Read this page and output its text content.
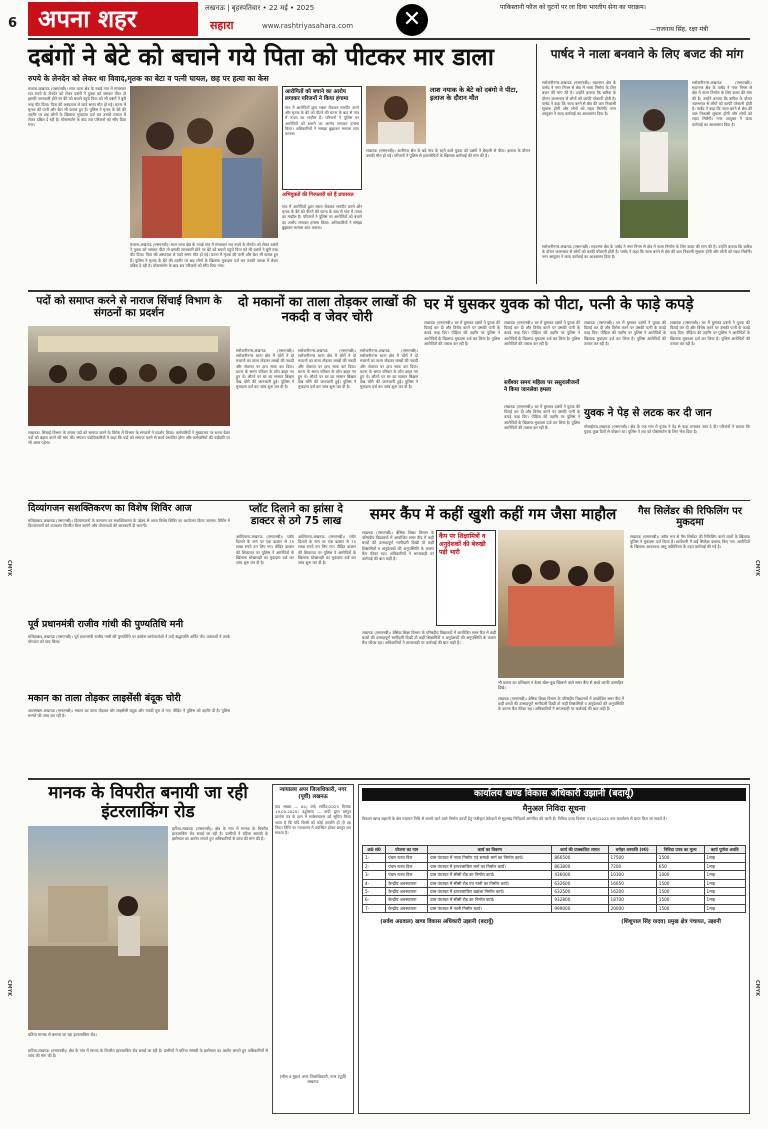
6 अपना शहर	लखनऊ | बृहस्पतिवार • 22 मई • 2025
सहारा	www.rashtriyasahara.com	✕	पाकिस्तानी फौज को घुटनों पर ला दिया भारतीय सेना का पराक्रम।
—राजनाथ सिंह, रक्षा मंत्री
दबंगों ने बेटे को बचाने गये पिता को पीटकर मार डाला
रुपये के लेनदेन को लेकर था विवाद,मृतक का बेटा व पत्नी घायल, छह पर हत्या का केस
मलाना-लखनऊ (एसएनबी)। माल थाना क्षेत्र के नवाई गांव में मंगलवार रात रुपये के लेनदेन को लेकर दबंगों ने युवक को जमकर पीटा तो इसकी जानकारी होने पर बेटे को बचाने पहुंचे पिता को भी दबंगों ने बुरी तरह पीट दिया। पिता की अस्पताल ले जाते समय मौत हो गई। घटना में मृतक की पत्नी और बेटा भी घायल हुए हैं। पुलिस ने मृतक के बेटे की तहरीर पर छह लोगों के खिलाफ मुकदमा दर्ज कर उनकी तलाश में लेकर दबिश दे रही है। पोस्टमार्टम के बाद शव परिजनों को सौंप दिया गया।
आरोपितों को बचाने का आरोप लगाकर परिजनों ने किया हंगामा
गांव में आरोपितों द्वारा रास्ता रोककर मारपीट करने और मृतक के बेटे को पीटने की घटना के बाद से गांव में तनाव का माहौल है। परिजनों ने पुलिस पर आरोपितों को बचाने का आरोप लगाकर हंगामा किया। अधिकारियों ने समझा बुझाकर मामला शांत कराया।
अभियुक्तों की गिरफ्तारी को हैं प्रयासरत
गांव में आरोपितों द्वारा रास्ता रोककर मारपीट करने और मृतक के बेटे को पीटने की घटना के बाद से गांव में तनाव का माहौल है। परिजनों ने पुलिस पर आरोपितों को बचाने का आरोप लगाकर हंगामा किया। अधिकारियों ने समझा बुझाकर मामला शांत कराया।
मलाना-लखनऊ (एसएनबी)। माल थाना क्षेत्र के नवाई गांव में मंगलवार रात रुपये के लेनदेन को लेकर दबंगों ने युवक को जमकर पीटा तो इसकी जानकारी होने पर बेटे को बचाने पहुंचे पिता को भी दबंगों ने बुरी तरह पीट दिया। पिता की अस्पताल ले जाते समय मौत हो गई। घटना में मृतक की पत्नी और बेटा भी घायल हुए हैं। पुलिस ने मृतक के बेटे की तहरीर पर छह लोगों के खिलाफ मुकदमा दर्ज कर उनकी तलाश में लेकर दबिश दे रही है। पोस्टमार्टम के बाद शव परिजनों को सौंप दिया गया।
लाश नयाक के बेटे को दबंगो ने पीटा, इलाज के दौरान मौत
लखनऊ (एसएनबी)। अलीगंज क्षेत्र के बड़े गांव के रहने वाले युवक को दबंगों ने बेरहमी से पीटा। इलाज के दौरान उसकी मौत हो गई। परिजनों ने पुलिस से हत्यारोपितों के खिलाफ कार्रवाई की मांग की है।
पार्षद ने नाला बनवाने के लिए बजट की मांग
सरोजनीनगर-लखनऊ (एसएनबी)। महानगर क्षेत्र के पार्षद ने नगर निगम से क्षेत्र में नाला निर्माण के लिए बजट की मांग की है। उन्होंने बताया कि बारिश के दौरान जलभराव से लोगों को काफी परेशानी होती है। पार्षद ने कहा कि नाला बनने से क्षेत्र की जल निकासी सुचारू होगी और लोगों को राहत मिलेगी। नगर आयुक्त ने जल्द कार्रवाई का आश्वासन दिया है।
सरोजनीनगर-लखनऊ (एसएनबी)। महानगर क्षेत्र के पार्षद ने नगर निगम से क्षेत्र में नाला निर्माण के लिए बजट की मांग की है। उन्होंने बताया कि बारिश के दौरान जलभराव से लोगों को काफी परेशानी होती है। पार्षद ने कहा कि नाला बनने से क्षेत्र की जल निकासी सुचारू होगी और लोगों को राहत मिलेगी। नगर आयुक्त ने जल्द कार्रवाई का आश्वासन दिया है।
सरोजनीनगर-लखनऊ (एसएनबी)। महानगर क्षेत्र के पार्षद ने नगर निगम से क्षेत्र में नाला निर्माण के लिए बजट की मांग की है। उन्होंने बताया कि बारिश के दौरान जलभराव से लोगों को काफी परेशानी होती है। पार्षद ने कहा कि नाला बनने से क्षेत्र की जल निकासी सुचारू होगी और लोगों को राहत मिलेगी। नगर आयुक्त ने जल्द कार्रवाई का आश्वासन दिया है।
पदों को समाप्त करने से नाराज सिंचाई विभाग के संगठनों का प्रदर्शन
लखनऊ। सिंचाई विभाग के तमाम पदों को समाप्त करने के विरोध में विभाग के संगठनों ने प्रदर्शन किया। कर्मचारियों ने मुख्यालय पर धरना देकर पदों को बहाल करने की मांग की। संगठन पदाधिकारियों ने कहा कि पदों को समाप्त करने से कार्य प्रभावित होगा और कर्मचारियों की पदोन्नति पर भी असर पड़ेगा।
दो मकानों का ताला तोड़कर लाखों की नकदी व जेवर चोरी
सरोजनीनगर-लखनऊ (एसएनबी)। सरोजनीनगर थाना क्षेत्र में चोरों ने दो मकानों का ताला तोड़कर लाखों की नकदी और जेवरात पर हाथ साफ कर दिया। घटना के समय परिवार के लोग बाहर गए हुए थे। लौटने पर घर का सामान बिखरा देख चोरी की जानकारी हुई। पुलिस ने मुकदमा दर्ज कर जांच शुरू कर दी है।
सरोजनीनगर-लखनऊ (एसएनबी)। सरोजनीनगर थाना क्षेत्र में चोरों ने दो मकानों का ताला तोड़कर लाखों की नकदी और जेवरात पर हाथ साफ कर दिया। घटना के समय परिवार के लोग बाहर गए हुए थे। लौटने पर घर का सामान बिखरा देख चोरी की जानकारी हुई। पुलिस ने मुकदमा दर्ज कर जांच शुरू कर दी है।
सरोजनीनगर-लखनऊ (एसएनबी)। सरोजनीनगर थाना क्षेत्र में चोरों ने दो मकानों का ताला तोड़कर लाखों की नकदी और जेवरात पर हाथ साफ कर दिया। घटना के समय परिवार के लोग बाहर गए हुए थे। लौटने पर घर का सामान बिखरा देख चोरी की जानकारी हुई। पुलिस ने मुकदमा दर्ज कर जांच शुरू कर दी है।
घर में घुसकर युवक को पीटा, पत्नी के फाड़े कपड़े
लखनऊ (एसएनबी)। घर में घुसकर दबंगों ने युवक की पिटाई कर दी और विरोध करने पर उसकी पत्नी के कपड़े फाड़ दिए। पीड़िता की तहरीर पर पुलिस ने आरोपितों के खिलाफ मुकदमा दर्ज कर लिया है। पुलिस आरोपितों की तलाश कर रही है।
लखनऊ (एसएनबी)। घर में घुसकर दबंगों ने युवक की पिटाई कर दी और विरोध करने पर उसकी पत्नी के कपड़े फाड़ दिए। पीड़िता की तहरीर पर पुलिस ने आरोपितों के खिलाफ मुकदमा दर्ज कर लिया है। पुलिस आरोपितों की तलाश कर रही है।
सर्वेश्वर समय महिला पर ससुरालीजनों ने किया जानलेवा हमला
लखनऊ (एसएनबी)। घर में घुसकर दबंगों ने युवक की पिटाई कर दी और विरोध करने पर उसकी पत्नी के कपड़े फाड़ दिए। पीड़िता की तहरीर पर पुलिस ने आरोपितों के खिलाफ मुकदमा दर्ज कर लिया है। पुलिस आरोपितों की तलाश कर रही है।
लखनऊ (एसएनबी)। घर में घुसकर दबंगों ने युवक की पिटाई कर दी और विरोध करने पर उसकी पत्नी के कपड़े फाड़ दिए। पीड़िता की तहरीर पर पुलिस ने आरोपितों के खिलाफ मुकदमा दर्ज कर लिया है। पुलिस आरोपितों की तलाश कर रही है।
लखनऊ (एसएनबी)। घर में घुसकर दबंगों ने युवक की पिटाई कर दी और विरोध करने पर उसकी पत्नी के कपड़े फाड़ दिए। पीड़िता की तहरीर पर पुलिस ने आरोपितों के खिलाफ मुकदमा दर्ज कर लिया है। पुलिस आरोपितों की तलाश कर रही है।
युवक ने पेड़ से लटक कर दी जान
गोसाईगंज-लखनऊ (एसएनबी)। क्षेत्र के एक गांव में युवक ने पेड़ से फंदा लगाकर जान दे दी। परिजनों ने बताया कि युवक कुछ दिनों से परेशान था। पुलिस ने शव को पोस्टमार्टम के लिए भेज दिया है।
दिव्यांगजन सशक्तिकरण का विशेष शिविर आज
मलिहाबाद-लखनऊ (एसएनबी)। दिव्यांगजनों के कल्याण एवं सशक्तिकरण के उद्देश्य से आज विशेष शिविर का आयोजन किया जाएगा। शिविर में दिव्यांगजनों को उपकरण वितरित किए जाएंगे और योजनाओं की जानकारी दी जाएगी।
पूर्व प्रधानमंत्री राजीव गांधी की पुण्यतिथि मनी
मलिहाबाद-लखनऊ (एसएनबी)। पूर्व प्रधानमंत्री राजीव गांधी की पुण्यतिथि पर कांग्रेस कार्यकर्ताओं ने उन्हें श्रद्धांजलि अर्पित की। वक्ताओं ने उनके योगदान को याद किया।
मकान का ताला तोड़कर लाइसेंसी बंदूक चोरी
आलमबाग-लखनऊ (एसएनबी)। मकान का ताला तोड़कर चोर लाइसेंसी बंदूक और नकदी चुरा ले गए। पीड़ित ने पुलिस को तहरीर दी है। पुलिस मामले की जांच कर रही है।
प्लॉट दिलाने का झांसा दे डाक्टर से ठगे 75 लाख
आशियाना-लखनऊ (एसएनबी)। प्लॉट दिलाने के नाम पर एक डाक्टर से 75 लाख रुपये ठग लिए गए। पीड़ित डाक्टर की शिकायत पर पुलिस ने आरोपितों के खिलाफ धोखाधड़ी का मुकदमा दर्ज कर जांच शुरू कर दी है।
आशियाना-लखनऊ (एसएनबी)। प्लॉट दिलाने के नाम पर एक डाक्टर से 75 लाख रुपये ठग लिए गए। पीड़ित डाक्टर की शिकायत पर पुलिस ने आरोपितों के खिलाफ धोखाधड़ी का मुकदमा दर्ज कर जांच शुरू कर दी है।
समर कैंप में कहीं खुशी कहीं गम जैसा माहौल
लखनऊ (एसएनबी)। बेसिक शिक्षा विभाग के परिषदीय विद्यालयों में आयोजित समर कैंप में कहीं बच्चों की उत्साहपूर्ण भागीदारी दिखी तो कहीं शिक्षामित्रों व अनुदेशकों की अनुपस्थिति के कारण कैंप फीका रहा। अधिकारियों ने लापरवाही पर कार्रवाई की बात कही है।
कैंप पर शिक्षामित्रों व अनुदेशकों की बेरुखी पड़ी भारी
लखनऊ (एसएनबी)। बेसिक शिक्षा विभाग के परिषदीय विद्यालयों में आयोजित समर कैंप में कहीं बच्चों की उत्साहपूर्ण भागीदारी दिखी तो कहीं शिक्षामित्रों व अनुदेशकों की अनुपस्थिति के कारण कैंप फीका रहा। अधिकारियों ने लापरवाही पर कार्रवाई की बात कही है।
भी प्रकार का प्रशिक्षण न देकर खेल-कूद खिलाने वाले समर कैंप से बच्चे काफी उत्साहित दिखे।
लखनऊ (एसएनबी)। बेसिक शिक्षा विभाग के परिषदीय विद्यालयों में आयोजित समर कैंप में कहीं बच्चों की उत्साहपूर्ण भागीदारी दिखी तो कहीं शिक्षामित्रों व अनुदेशकों की अनुपस्थिति के कारण कैंप फीका रहा। अधिकारियों ने लापरवाही पर कार्रवाई की बात कही है।
गैस सिलेंडर की रिफिलिंग पर मुकदमा
लखनऊ (एसएनबी)। अवैध रूप से गैस सिलेंडर की रिफिलिंग करने वालों के खिलाफ पुलिस ने मुकदमा दर्ज किया है। छापेमारी में कई सिलेंडर बरामद किए गए। आरोपितों के खिलाफ आवश्यक वस्तु अधिनियम के तहत कार्रवाई की गई है।
मानक के विपरीत बनायी जा रही इंटरलाकिंग रोड
इटौंजा-लखनऊ (एसएनबी)। क्षेत्र के गांव में मानक के विपरीत इंटरलाकिंग रोड बनाई जा रही है। ग्रामीणों ने घटिया सामग्री के इस्तेमाल का आरोप लगाते हुए अधिकारियों से जांच की मांग की है।
घटिया मानक से बनाया जा रहा इंटरलाकिंग रोड।
इटौंजा-लखनऊ (एसएनबी)। क्षेत्र के गांव में मानक के विपरीत इंटरलाकिंग रोड बनाई जा रही है। ग्रामीणों ने घटिया सामग्री के इस्तेमाल का आरोप लगाते हुए अधिकारियों से जांच की मांग की है।
न्यायालय अपर जिलाधिकारी, नगर (पूर्वी) लखनऊ
वाद संख्या — 61/ वर्ष/ सर्किट/2025 दिनांक 19.05.2025। उद्घोषणा — वादी द्वारा प्रस्तुत प्रार्थना पत्र के क्रम में सर्वसाधारण को सूचित किया जाता है कि यदि किसी को कोई आपत्ति हो तो वह नियत तिथि पर न्यायालय में उपस्थित होकर प्रस्तुत कर सकता है।
(सील व मुहर) अपर जिलाधिकारी, नगर (पूर्वी) लखनऊ
कार्यालय खण्ड विकास अधिकारी उझानी (बदायूँ)
मैनुअल निविदा सूचना
विकास खण्ड उझानी के क्षेत्र पंचायत निधि से कराये जाने वाले निर्माण कार्यों हेतु पंजीकृत ठेकेदारों से मुहरबंद निविदायें आमंत्रित की जाती हैं। निविदा प्रपत्र दिनांक 31/05/2025 तक कार्यालय से प्राप्त किए जा सकते हैं।
क्र0 सं0	योजना का नाम	कार्य का विवरण	कार्य की प्राक्कलित लागत	धरोहर धनराशि (रु0)	निविदा प्रपत्र का मूल्य	कार्य पूर्णता अवधि
1-	पंचम राज्य वित्त	ग्राम पंचायत में नाला निर्माण एवं सम्पर्क मार्ग का निर्माण कार्य।	866500	17500	1500	1माह
2-	पंचम राज्य वित्त	ग्राम पंचायत में इण्टरलाकिंग मार्ग का निर्माण कार्य।	863800	7200	650	1माह
3-	पंचम राज्य वित्त	ग्राम पंचायत में सीसी रोड का निर्माण कार्य।	436000	10300	1000	1माह
4-	केन्द्रीय अवस्थापना	ग्राम पंचायत में सीसी रोड एवं नाली का निर्माण कार्य।	632600	16650	1500	1माह
5-	केन्द्रीय अवस्थापना	ग्राम पंचायत में इण्टरलाकिंग खड़ंजा निर्माण कार्य।	632500	16200	1500	1माह
6-	केन्द्रीय अवस्थापना	ग्राम पंचायत में सीसी रोड का निर्माण कार्य।	932800	18700	1500	1माह
7-	केन्द्रीय अवस्थापना	ग्राम पंचायत में नाली निर्माण कार्य।	999000	20000	1500	1माह
(सर्वश अग्रवाल) खण्ड विकास अधिकारी उझानी (बदायूँ)	(शिशुपाल सिंह यादव) प्रमुख क्षेत्र पंचायत, उझानी
CMYK	CMYK
CMYK	CMYK
